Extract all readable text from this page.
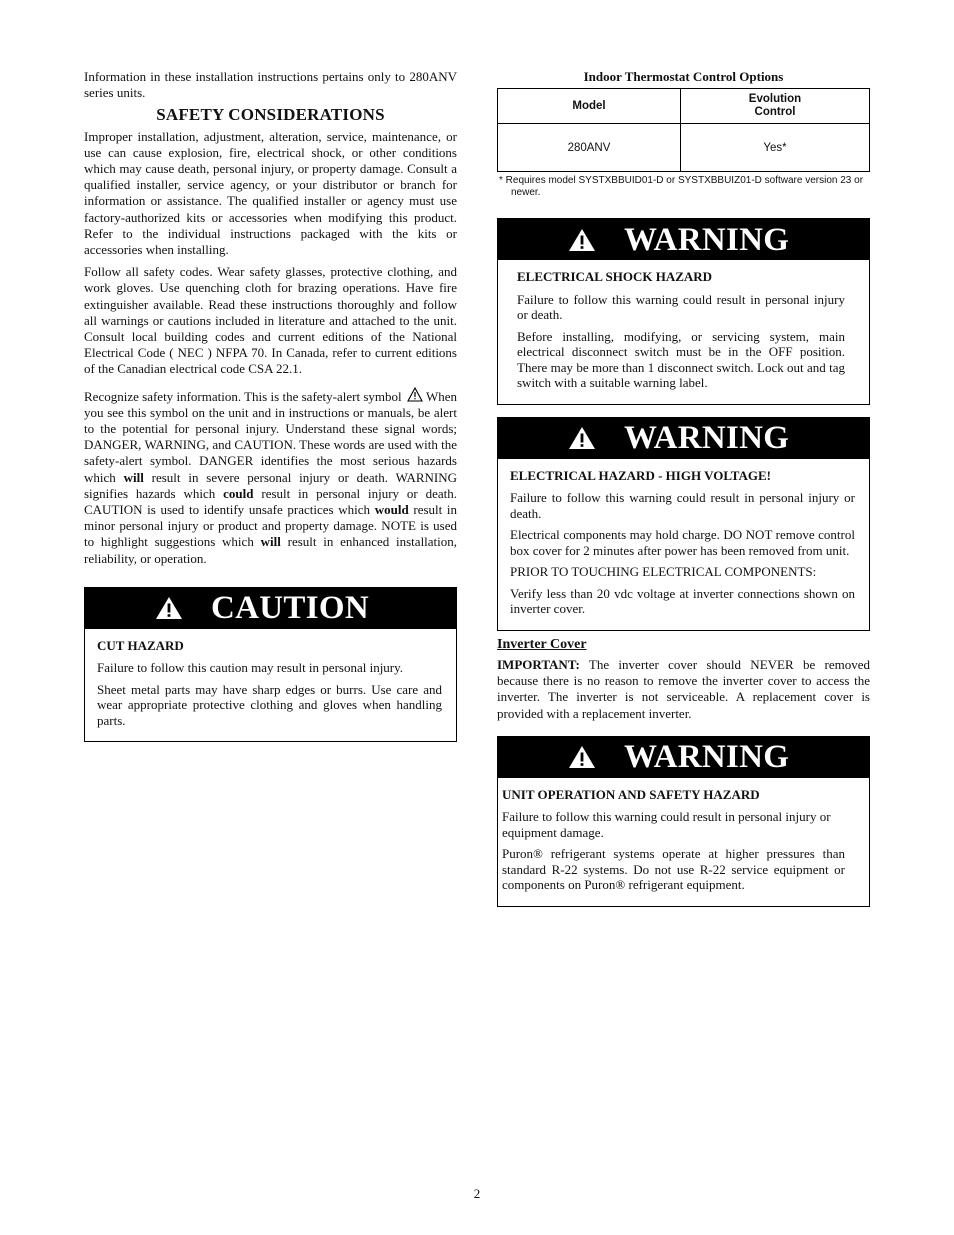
Information in these installation instructions pertains only to 280ANV series units.

SAFETY CONSIDERATIONS

Improper installation, adjustment, alteration, service, maintenance, or use can cause explosion, fire, electrical shock, or other conditions which may cause death, personal injury, or property damage. Consult a qualified installer, service agency, or your distributor or branch for information or assistance. The qualified installer or agency must use factory-authorized kits or accessories when modifying this product. Refer to the individual instructions packaged with the kits or accessories when installing.

Follow all safety codes. Wear safety glasses, protective clothing, and work gloves. Use quenching cloth for brazing operations. Have fire extinguisher available. Read these instructions thoroughly and follow all warnings or cautions included in literature and attached to the unit. Consult local building codes and current editions of the National Electrical Code ( NEC ) NFPA 70. In Canada, refer to current editions of the Canadian electrical code CSA 22.1.

Recognize safety information. This is the safety-alert symbol When you see this symbol on the unit and in instructions or manuals, be alert to the potential for personal injury. Understand these signal words; DANGER, WARNING, and CAUTION. These words are used with the safety-alert symbol. DANGER identifies the most serious hazards which will result in severe personal injury or death. WARNING signifies hazards which could result in personal injury or death. CAUTION is used to identify unsafe practices which would result in minor personal injury or product and property damage. NOTE is used to highlight suggestions which will result in enhanced installation, reliability, or operation.

CAUTION

CUT HAZARD

Failure to follow this caution may result in personal injury.

Sheet metal parts may have sharp edges or burrs. Use care and wear appropriate protective clothing and gloves when handling parts.

Indoor Thermostat Control Options

Model	Evolution Control
280ANV	Yes*

* Requires model SYSTXBBUID01-D or SYSTXBBUIZ01-D software version 23 or newer.

WARNING

ELECTRICAL SHOCK HAZARD

Failure to follow this warning could result in personal injury or death.

Before installing, modifying, or servicing system, main electrical disconnect switch must be in the OFF position. There may be more than 1 disconnect switch. Lock out and tag switch with a suitable warning label.

WARNING

ELECTRICAL HAZARD - HIGH VOLTAGE!

Failure to follow this warning could result in personal injury or death.

Electrical components may hold charge. DO NOT remove control box cover for 2 minutes after power has been removed from unit.

PRIOR TO TOUCHING ELECTRICAL COMPONENTS:

Verify less than 20 vdc voltage at inverter connections shown on inverter cover.

Inverter Cover

IMPORTANT: The inverter cover should NEVER be removed because there is no reason to remove the inverter cover to access the inverter. The inverter is not serviceable. A replacement cover is provided with a replacement inverter.

WARNING

UNIT OPERATION AND SAFETY HAZARD

Failure to follow this warning could result in personal injury or equipment damage.

Puron® refrigerant systems operate at higher pressures than standard R-22 systems. Do not use R-22 service equipment or components on Puron® refrigerant equipment.

2
